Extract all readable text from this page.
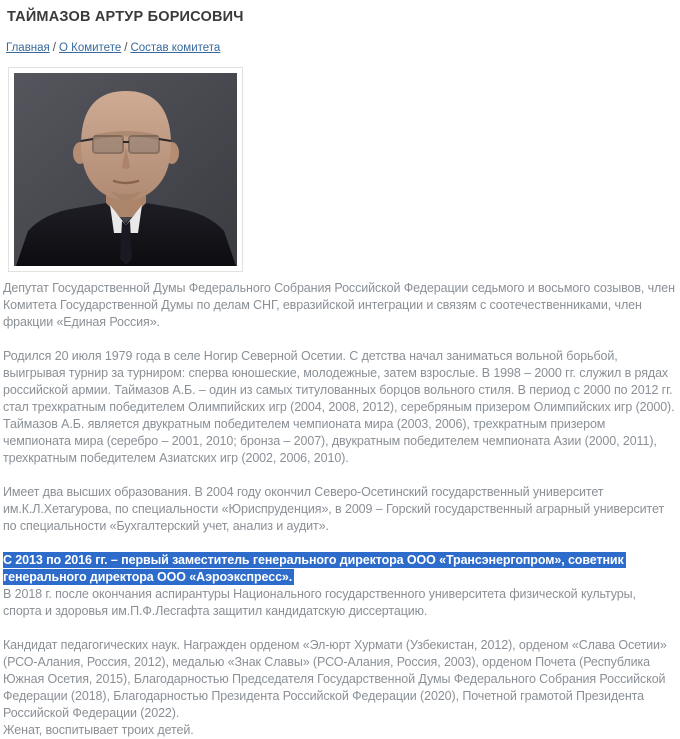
ТАЙМАЗОВ АРТУР БОРИСОВИЧ
Главная / О Комитете / Состав комитета

Депутат Государственной Думы Федерального Собрания Российской Федерации седьмого и восьмого созывов, член Комитета Государственной Думы по делам СНГ, евразийской интеграции и связям с соотечественниками, член фракции «Единая Россия».

Родился 20 июля 1979 года в селе Ногир Северной Осетии. С детства начал заниматься вольной борьбой, выигрывая турнир за турниром: сперва юношеские, молодежные, затем взрослые. В 1998 – 2000 гг. служил в рядах российской армии. Таймазов А.Б. – один из самых титулованных борцов вольного стиля. В период с 2000 по 2012 гг. стал трехкратным победителем Олимпийских игр (2004, 2008, 2012), серебряным призером Олимпийских игр (2000). Таймазов А.Б. является двукратным победителем чемпионата мира (2003, 2006), трехкратным призером чемпионата мира (серебро – 2001, 2010; бронза – 2007), двукратным победителем чемпионата Азии (2000, 2011), трехкратным победителем Азиатских игр (2002, 2006, 2010).

Имеет два высших образования. В 2004 году окончил Северо-Осетинский государственный университет им.К.Л.Хетагурова, по специальности «Юриспруденция», в 2009 – Горский государственный аграрный университет по специальности «Бухгалтерский учет, анализ и аудит».

С 2013 по 2016 гг. – первый заместитель генерального директора ООО «Трансэнергопром», советник генерального директора ООО «Аэроэкспресс».
В 2018 г. после окончания аспирантуры Национального государственного университета физической культуры, спорта и здоровья им.П.Ф.Лесгафта защитил кандидатскую диссертацию.

Кандидат педагогических наук. Награжден орденом «Эл-юрт Хурмати (Узбекистан, 2012), орденом «Слава Осетии» (РСО-Алания, Россия, 2012), медалью «Знак Славы» (РСО-Алания, Россия, 2003), орденом Почета (Республика Южная Осетия, 2015), Благодарностью Председателя Государственной Думы Федерального Собрания Российской Федерации (2018), Благодарностью Президента Российской Федерации (2020), Почетной грамотой Президента Российской Федерации (2022).
Женат, воспитывает троих детей.
